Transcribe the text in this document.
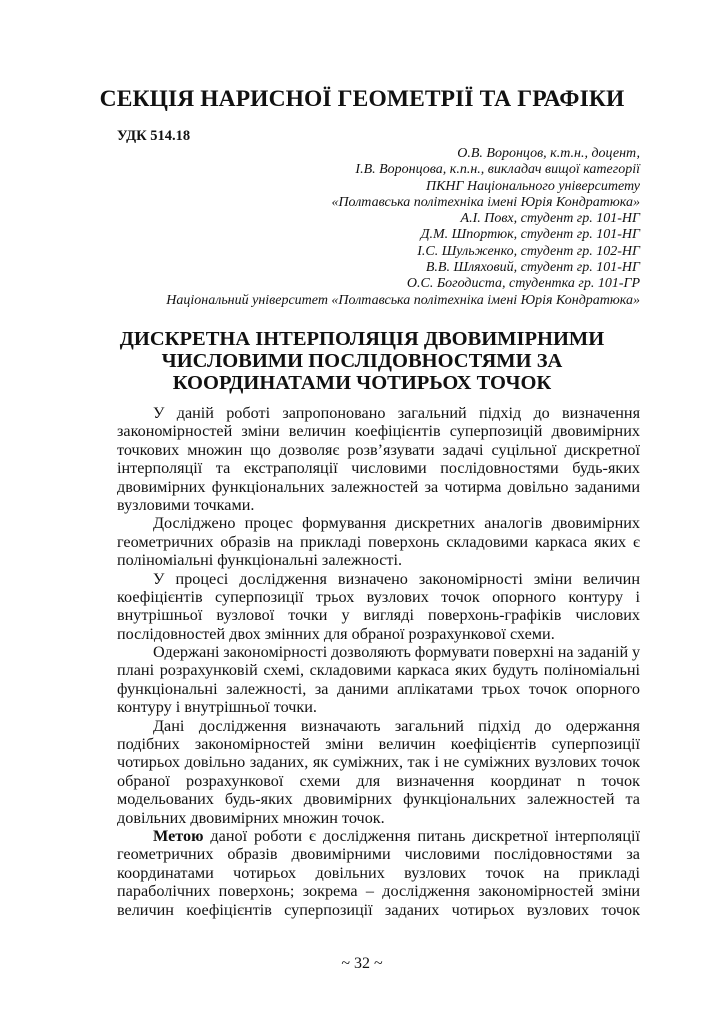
СЕКЦІЯ НАРИСНОЇ ГЕОМЕТРІЇ ТА ГРАФІКИ
УДК 514.18
О.В. Воронцов, к.т.н., доцент,
І.В. Воронцова, к.п.н., викладач вищої категорії
ПКНГ Національного університету
«Полтавська політехніка імені Юрія Кондратюка»
А.І. Повх, студент гр. 101-НГ
Д.М. Шпортюк, студент гр. 101-НГ
І.С. Шульженко, студент гр. 102-НГ
В.В. Шляховий, студент гр. 101-НГ
О.С. Богодиста, студентка гр. 101-ГР
Національний університет «Полтавська політехніка імені Юрія Кондратюка»
ДИСКРЕТНА ІНТЕРПОЛЯЦІЯ ДВОВИМІРНИМИ
ЧИСЛОВИМИ ПОСЛІДОВНОСТЯМИ ЗА
КООРДИНАТАМИ ЧОТИРЬОХ ТОЧОК
У даній роботі запропоновано загальний підхід до визначення
закономірностей зміни величин коефіцієнтів суперпозицій двовимірних
точкових множин що дозволяє розв’язувати задачі суцільної дискретної
інтерполяції та екстраполяції числовими послідовностями будь-яких
двовимірних функціональних залежностей за чотирма довільно заданими
вузловими точками.
Досліджено процес формування дискретних аналогів двовимірних
геометричних образів на прикладі поверхонь складовими каркаса яких є
поліноміальні функціональні залежності.
У процесі дослідження визначено закономірності зміни величин
коефіцієнтів суперпозиції трьох вузлових точок опорного контуру і
внутрішньої вузлової точки у вигляді поверхонь-графіків числових
послідовностей двох змінних для обраної розрахункової схеми.
Одержані закономірності дозволяють формувати поверхні на заданій у
плані розрахунковій схемі, складовими каркаса яких будуть поліноміальні
функціональні залежності, за даними аплікатами трьох точок опорного
контуру і внутрішньої точки.
Дані дослідження визначають загальний підхід до одержання
подібних закономірностей зміни величин коефіцієнтів суперпозиції
чотирьох довільно заданих, як суміжних, так і не суміжних вузлових точок
обраної розрахункової схеми для визначення координат n точок
модельованих будь-яких двовимірних функціональних залежностей та
довільних двовимірних множин точок.
Метою даної роботи є дослідження питань дискретної інтерполяції
геометричних образів двовимірними числовими послідовностями за
координатами чотирьох довільних вузлових точок на прикладі
параболічних поверхонь; зокрема – дослідження закономірностей зміни
величин коефіцієнтів суперпозиції заданих чотирьох вузлових точок
~ 32 ~
